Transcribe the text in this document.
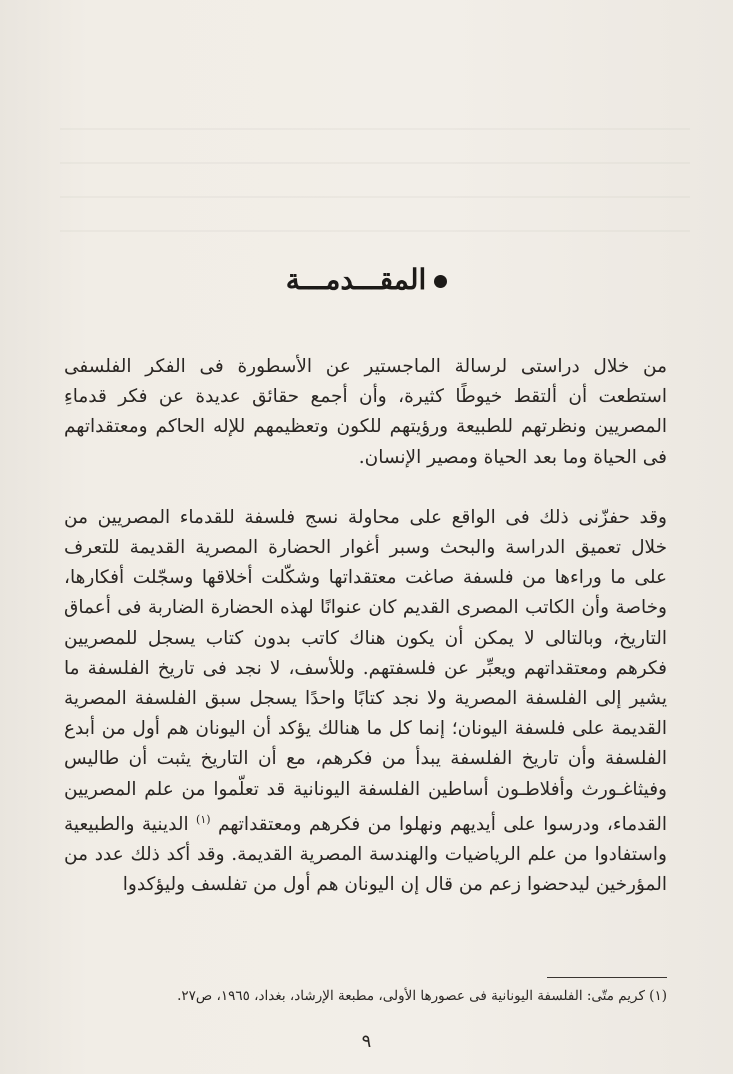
المقـــدمـــة

من خلال دراستى لرسالة الماجستير عن الأسطورة فى الفكر الفلسفى استطعت أن ألتقط خيوطًا كثيرة، وأن أجمع حقائق عديدة عن فكر قدماءِ المصريين ونظرتهم للطبيعة ورؤيتهم للكون وتعظيمهم للإله الحاكم ومعتقداتهم فى الحياة وما بعد الحياة ومصير الإنسان.

وقد حفزّنى ذلك فى الواقع على محاولة نسج فلسفة للقدماء المصريين من خلال تعميق الدراسة والبحث وسبر أغوار الحضارة المصرية القديمة للتعرف على ما وراءها من فلسفة صاغت معتقداتها وشكّلت أخلاقها وسجّلت أفكارها، وخاصة وأن الكاتب المصرى القديم كان عنوانًا لهذه الحضارة الضاربة فى أعماق التاريخ، وبالتالى لا يمكن أن يكون هناك كاتب بدون كتاب يسجل للمصريين فكرهم ومعتقداتهم ويعبِّر عن فلسفتهم. وللأسف، لا نجد فى تاريخ الفلسفة ما يشير إلى الفلسفة المصرية ولا نجد كتابًا واحدًا يسجل سبق الفلسفة المصرية القديمة على فلسفة اليونان؛ إنما كل ما هنالك يؤكد أن اليونان هم أول من أبدع الفلسفة وأن تاريخ الفلسفة يبدأ من فكرهم، مع أن التاريخ يثبت أن طاليس وفيثاغـورث وأفلاطـون أساطين الفلسفة اليونانية قد تعلّموا من علم المصريين القدماء، ودرسوا على أيديهم ونهلوا من فكرهم ومعتقداتهم $^{(١)}$ الدينية والطبيعية واستفادوا من علم الرياضيات والهندسة المصرية القديمة. وقد أكد ذلك عدد من المؤرخين ليدحضوا زعم من قال إن اليونان هم أول من تفلسف وليؤكدوا

(١) كريم متّى: الفلسفة اليونانية فى عصورها الأولى، مطبعة الإرشاد، بغداد، ١٩٦٥، ص٢٧.
٩
